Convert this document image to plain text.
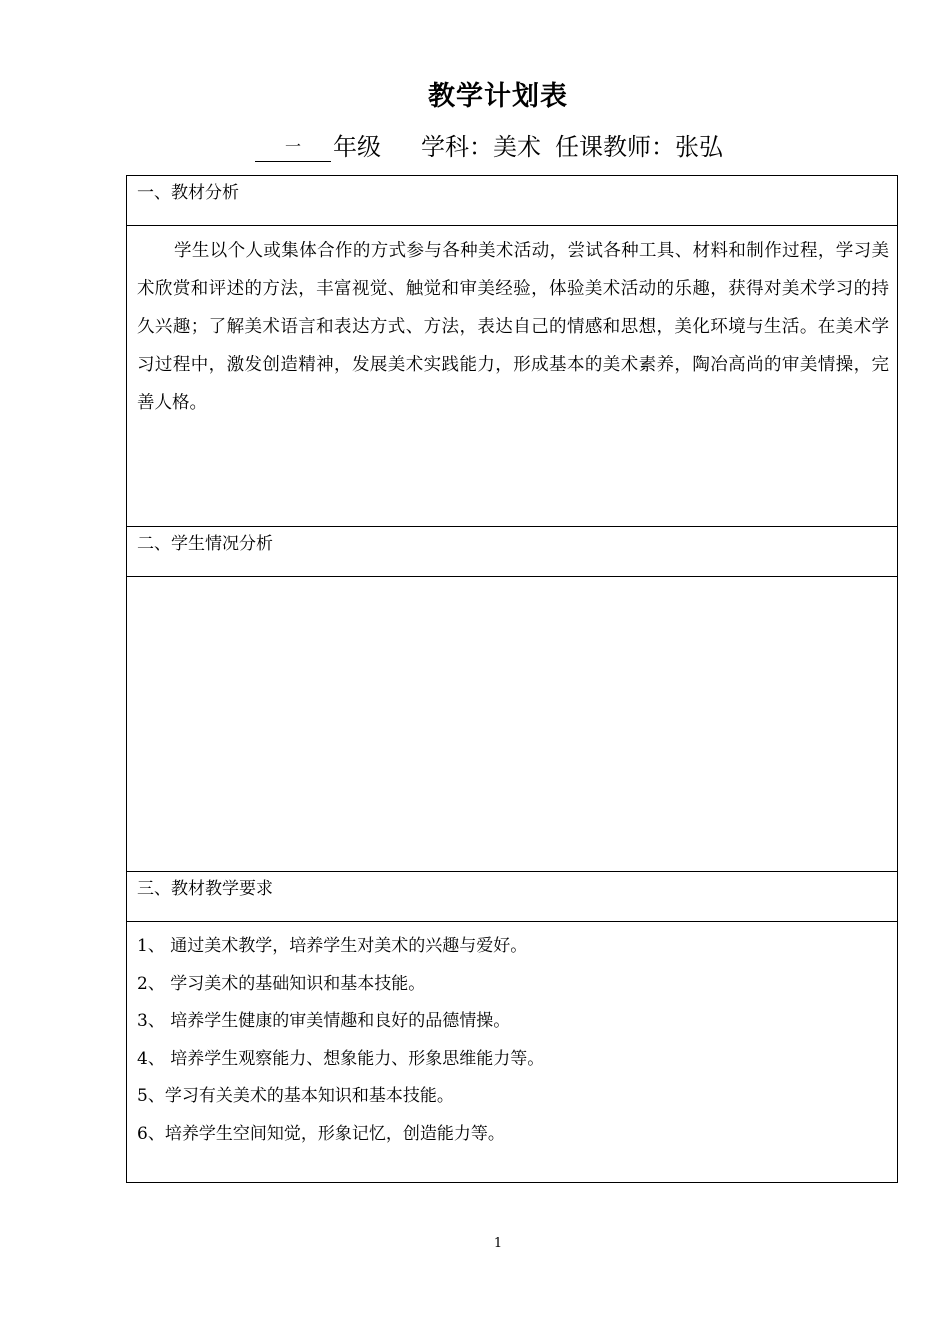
教学计划表
一	年级 学科：美术 任课教师：张弘
一、教材分析
学生以个人或集体合作的方式参与各种美术活动，尝试各种工具、材料和制作过程，学习美术欣赏和评述的方法，丰富视觉、触觉和审美经验，体验美术活动的乐趣，获得对美术学习的持久兴趣；了解美术语言和表达方式、方法，表达自己的情感和思想，美化环境与生活。在美术学习过程中，激发创造精神，发展美术实践能力，形成基本的美术素养，陶冶高尚的审美情操，完善人格。
二、学生情况分析
三、教材教学要求
1、 通过美术教学，培养学生对美术的兴趣与爱好。
2、 学习美术的基础知识和基本技能。
3、 培养学生健康的审美情趣和良好的品德情操。
4、 培养学生观察能力、想象能力、形象思维能力等。
5、学习有关美术的基本知识和基本技能。
6、培养学生空间知觉，形象记忆，创造能力等。
1
